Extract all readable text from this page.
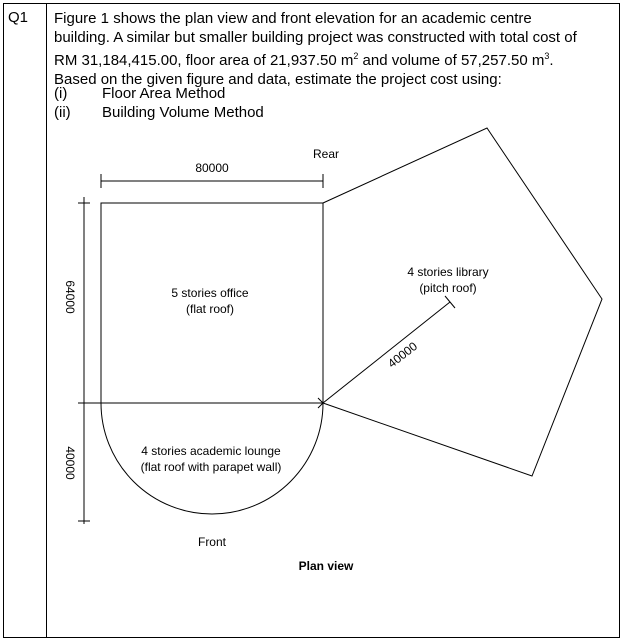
Q1 Figure 1 shows the plan view and front elevation for an academic centre
building. A similar but smaller building project was constructed with total cost of
RM 31,184,415.00, floor area of 21,937.50 $m^2$ and volume of 57,257.50 $m^3$.
Based on the given figure and data, estimate the project cost using:
(i) Floor Area Method
(ii) Building Volume Method
Rear
80000
64000
40000
5 stories office
(flat roof)
4 stories library
(pitch roof)
40000
4 stories academic lounge
(flat roof with parapet wall)
Front
Plan view
